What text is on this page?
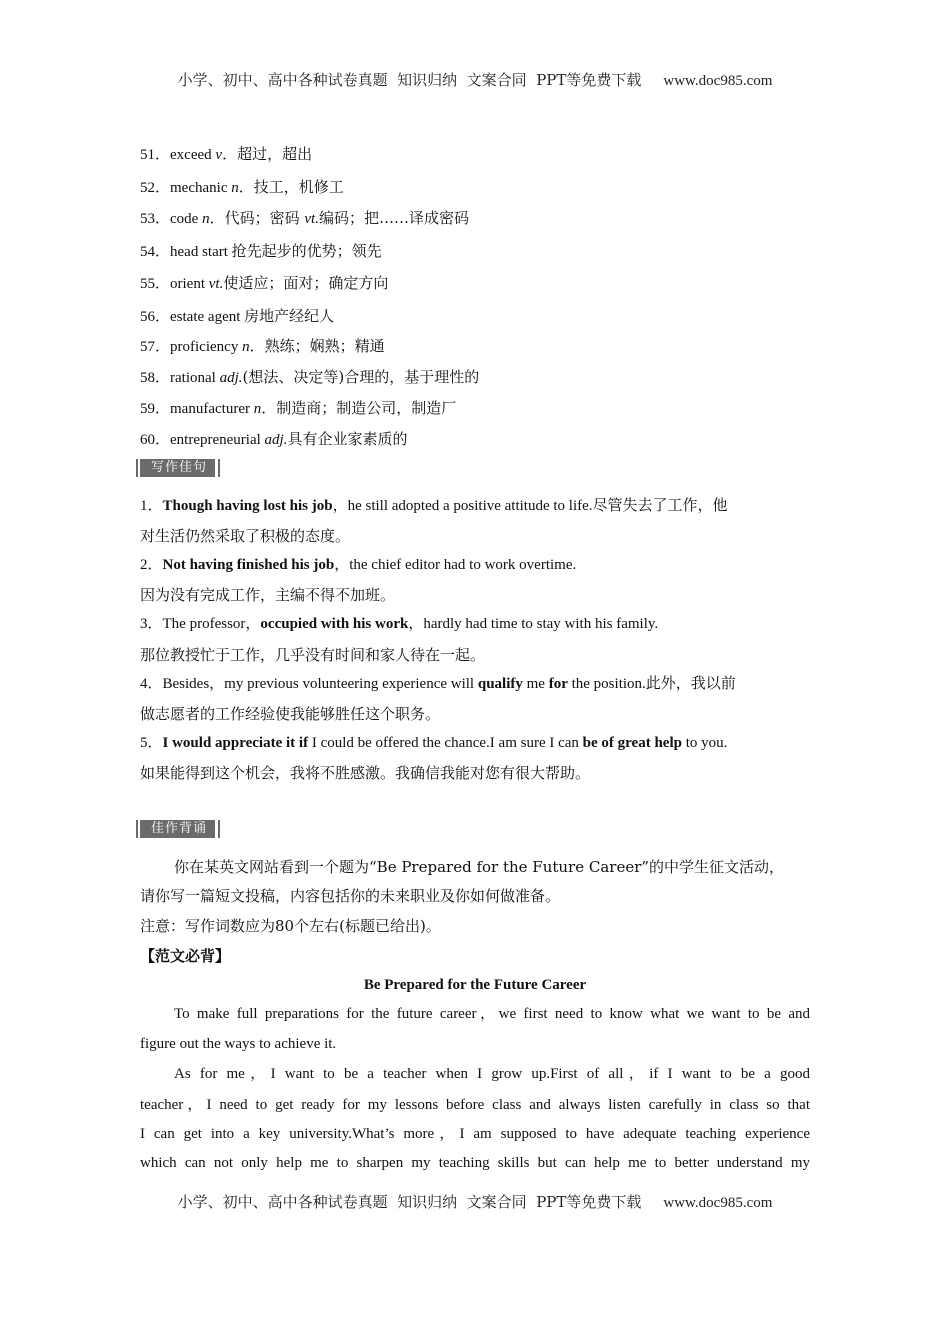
小学、初中、高中各种试卷真题  知识归纳  文案合同  PPT等免费下载 www.doc985.com
51．exceed v．超过，超出
52．mechanic n．技工，机修工
53．code n．代码；密码 vt.编码；把……译成密码
54．head start 抢先起步的优势；领先
55．orient vt.使适应；面对；确定方向
56．estate agent 房地产经纪人
57．proficiency n．熟练；娴熟；精通
58．rational adj.(想法、决定等)合理的，基于理性的
59．manufacturer n．制造商；制造公司，制造厂
60．entrepreneurial adj.具有企业家素质的
写作佳句
1．Though having lost his job，he still adopted a positive attitude to life.尽管失去了工作，他
对生活仍然采取了积极的态度。
2．Not having finished his job，the chief editor had to work overtime.
因为没有完成工作，主编不得不加班。
3．The professor，occupied with his work，hardly had time to stay with his family.
那位教授忙于工作，几乎没有时间和家人待在一起。
4．Besides，my previous volunteering experience will qualify me for the position.此外，我以前
做志愿者的工作经验使我能够胜任这个职务。
5．I would appreciate it if I could be offered the chance.I am sure I can be of great help to you.
如果能得到这个机会，我将不胜感激。我确信我能对您有很大帮助。
佳作背诵
你在某英文网站看到一个题为“Be Prepared for the Future Career”的中学生征文活动，
请你写一篇短文投稿，内容包括你的未来职业及你如何做准备。
注意：写作词数应为80个左右(标题已给出)。
【范文必背】
Be Prepared for the Future Career
To make full preparations for the future career，we first need to know what we want to be and
figure out the ways to achieve it.
As for me，I want to be a teacher when I grow up.First of all，if I want to be a good
teacher，I need to get ready for my lessons before class and always listen carefully in class so that
I can get into a key university.What’s more，I am supposed to have adequate teaching experience
which can not only help me to sharpen my teaching skills but can help me to better understand my
小学、初中、高中各种试卷真题  知识归纳  文案合同  PPT等免费下载 www.doc985.com
